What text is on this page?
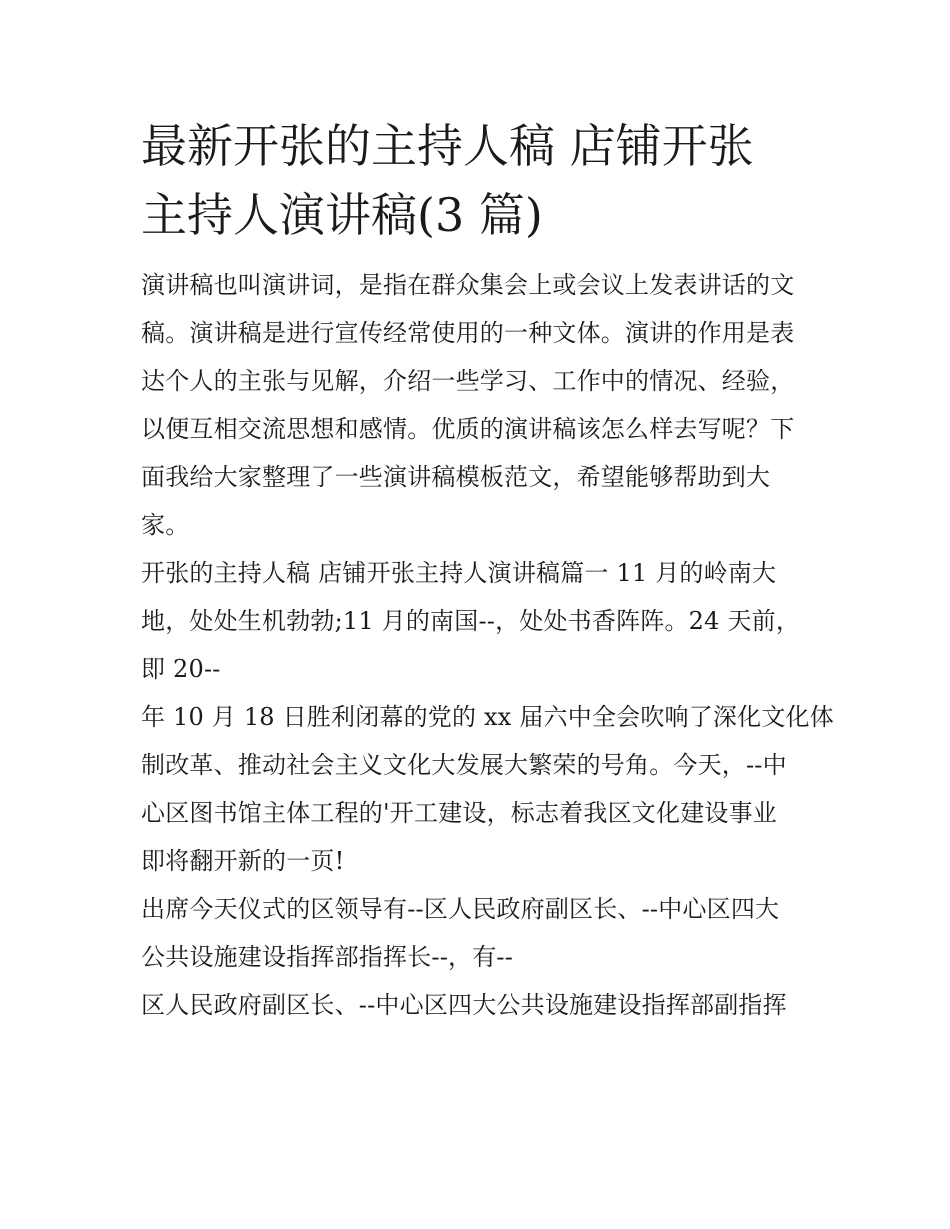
最新开张的主持人稿 店铺开张
主持人演讲稿(3 篇)

演讲稿也叫演讲词，是指在群众集会上或会议上发表讲话的文
稿。演讲稿是进行宣传经常使用的一种文体。演讲的作用是表
达个人的主张与见解，介绍一些学习、工作中的情况、经验，
以便互相交流思想和感情。优质的演讲稿该怎么样去写呢？下
面我给大家整理了一些演讲稿模板范文，希望能够帮助到大
家。

开张的主持人稿 店铺开张主持人演讲稿篇一 11 月的岭南大
地，处处生机勃勃;11 月的南国--，处处书香阵阵。24 天前，
即 20--

年 10 月 18 日胜利闭幕的党的 xx 届六中全会吹响了深化文化体
制改革、推动社会主义文化大发展大繁荣的号角。今天，--中
心区图书馆主体工程的'开工建设，标志着我区文化建设事业
即将翻开新的一页!

出席今天仪式的区领导有--区人民政府副区长、--中心区四大
公共设施建设指挥部指挥长--，有--

区人民政府副区长、--中心区四大公共设施建设指挥部副指挥
